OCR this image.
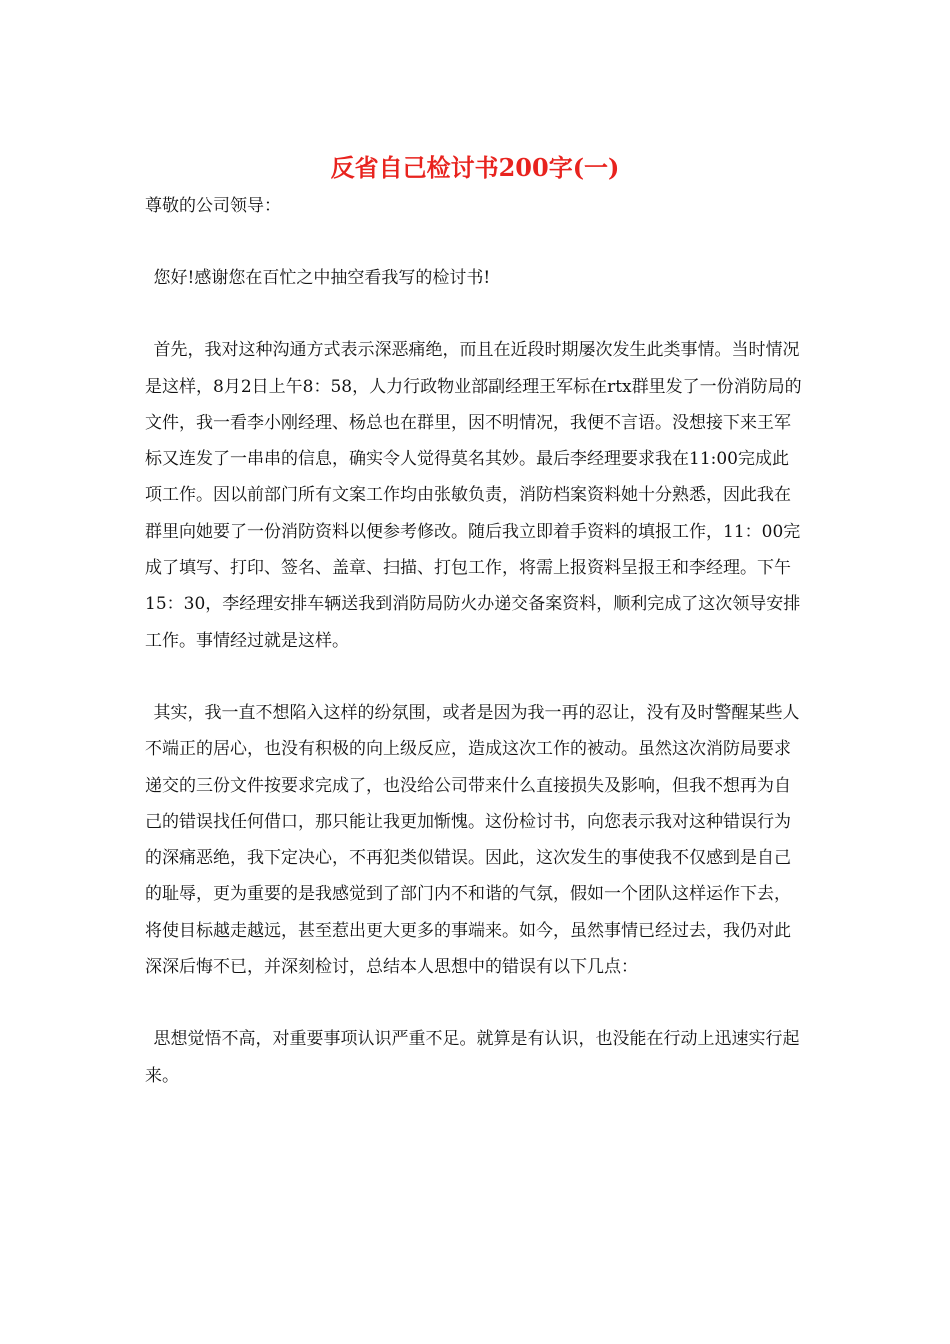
反省自己检讨书200字(一)

尊敬的公司领导：

您好!感谢您在百忙之中抽空看我写的检讨书!

首先，我对这种沟通方式表示深恶痛绝，而且在近段时期屡次发生此类事情。当时情况是这样，8月2日上午8：58，人力行政物业部副经理王军标在rtx群里发了一份消防局的文件，我一看李小刚经理、杨总也在群里，因不明情况，我便不言语。没想接下来王军标又连发了一串串的信息，确实令人觉得莫名其妙。最后李经理要求我在11:00完成此项工作。因以前部门所有文案工作均由张敏负责，消防档案资料她十分熟悉，因此我在群里向她要了一份消防资料以便参考修改。随后我立即着手资料的填报工作，11：00完成了填写、打印、签名、盖章、扫描、打包工作，将需上报资料呈报王和李经理。下午15：30，李经理安排车辆送我到消防局防火办递交备案资料，顺利完成了这次领导安排工作。事情经过就是这样。

其实，我一直不想陷入这样的纷氛围，或者是因为我一再的忍让，没有及时警醒某些人不端正的居心，也没有积极的向上级反应，造成这次工作的被动。虽然这次消防局要求递交的三份文件按要求完成了，也没给公司带来什么直接损失及影响，但我不想再为自己的错误找任何借口，那只能让我更加惭愧。这份检讨书，向您表示我对这种错误行为的深痛恶绝，我下定决心，不再犯类似错误。因此，这次发生的事使我不仅感到是自己的耻辱，更为重要的是我感觉到了部门内不和谐的气氛，假如一个团队这样运作下去，将使目标越走越远，甚至惹出更大更多的事端来。如今，虽然事情已经过去，我仍对此深深后悔不已，并深刻检讨，总结本人思想中的错误有以下几点：

思想觉悟不高，对重要事项认识严重不足。就算是有认识，也没能在行动上迅速实行起来。
